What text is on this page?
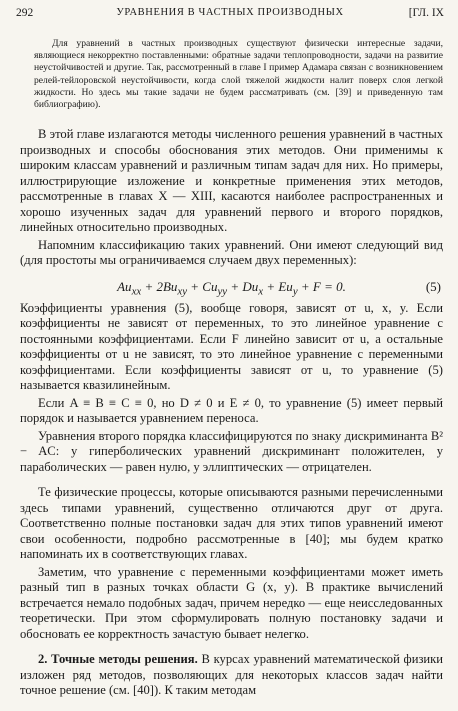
292	УРАВНЕНИЯ В ЧАСТНЫХ ПРОИЗВОДНЫХ	[ГЛ. IX
Для уравнений в частных производных существуют физически интересные задачи, являющиеся некорректно поставленными: обратные задачи теплопроводности, задачи на развитие неустойчивостей и другие. Так, рассмотренный в главе I пример Адамара связан с возникновением релей-тейлоровской неустойчивости, когда слой тяжелой жидкости налит поверх слоя легкой жидкости. Но здесь мы такие задачи не будем рассматривать (см. [39] и приведенную там библиографию).
В этой главе излагаются методы численного решения уравнений в частных производных и способы обоснования этих методов. Они применимы к широким классам уравнений и различным типам задач для них. Но примеры, иллюстрирующие изложение и конкретные применения этих методов, рассмотренные в главах X — XIII, касаются наиболее распространенных и хорошо изученных задач для уравнений первого и второго порядков, линейных относительно производных.
Напомним классификацию таких уравнений. Они имеют следующий вид (для простоты мы ограничиваемся случаем двух переменных):
$Au_{xx} + 2Bu_{xy} + Cu_{yy} + Du_x + Eu_y + F = 0$.	(5)
Коэффициенты уравнения (5), вообще говоря, зависят от u, x, y. Если коэффициенты не зависят от переменных, то это линейное уравнение с постоянными коэффициентами. Если F линейно зависит от u, а остальные коэффициенты от u не зависят, то это линейное уравнение с переменными коэффициентами. Если коэффициенты зависят от u, то уравнение (5) называется квазилинейным.
Если A ≡ B ≡ C ≡ 0, но D ≠ 0 и E ≠ 0, то уравнение (5) имеет первый порядок и называется уравнением переноса.
Уравнения второго порядка классифицируются по знаку дискриминанта B² − AC: у гиперболических уравнений дискриминант положителен, у параболических — равен нулю, у эллиптических — отрицателен.
Те физические процессы, которые описываются разными перечисленными здесь типами уравнений, существенно отличаются друг от друга. Соответственно полные постановки задач для этих типов уравнений имеют свои особенности, подробно рассмотренные в [40]; мы будем кратко напоминать их в соответствующих главах.
Заметим, что уравнение с переменными коэффициентами может иметь разный тип в разных точках области G (x, y). В практике вычислений встречается немало подобных задач, причем нередко — еще неисследованных теоретически. При этом сформулировать полную постановку задачи и обосновать ее корректность зачастую бывает нелегко.
2. Точные методы решения. В курсах уравнений математической физики изложен ряд методов, позволяющих для некоторых классов задач найти точное решение (см. [40]). К таким методам
